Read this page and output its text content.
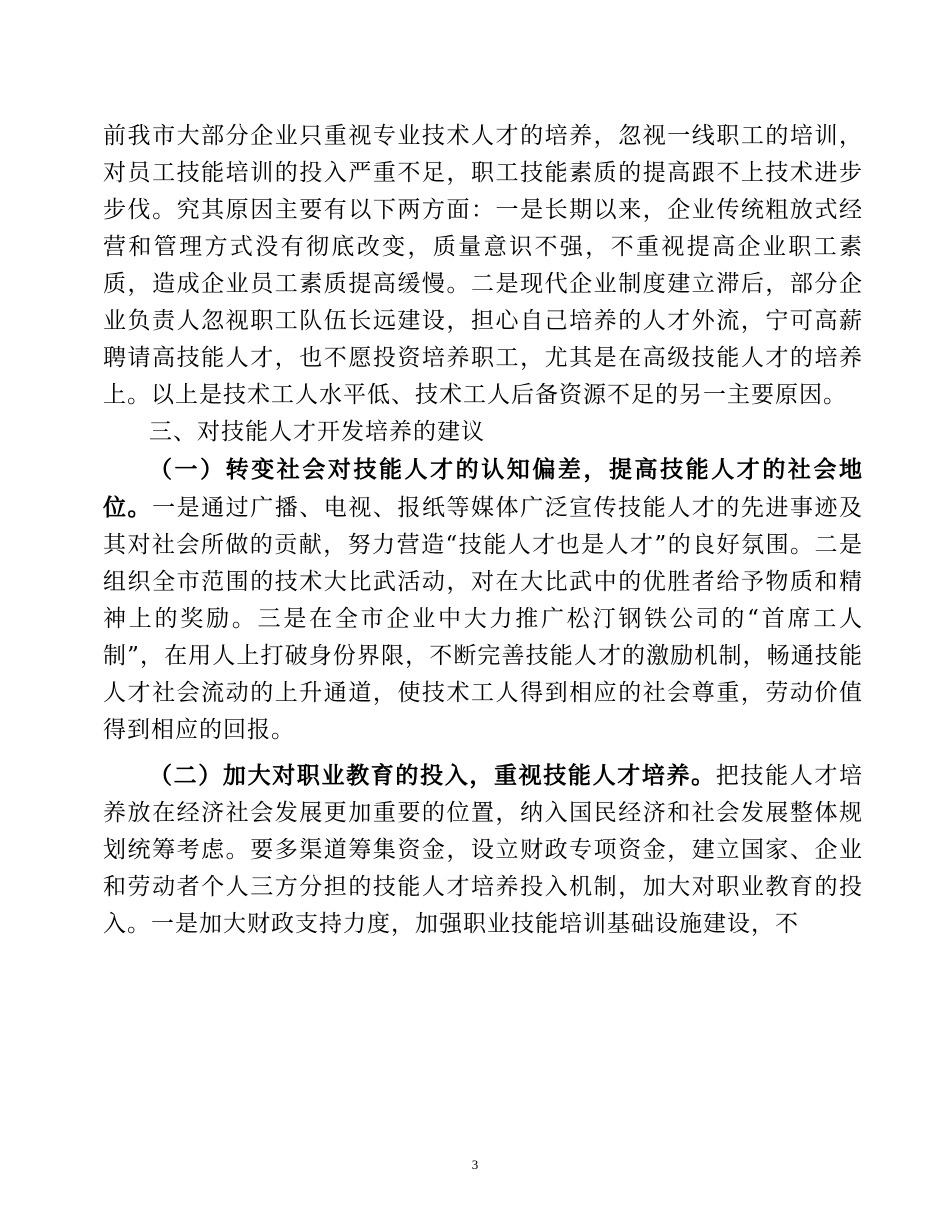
前我市大部分企业只重视专业技术人才的培养，忽视一线职工的培训，对员工技能培训的投入严重不足，职工技能素质的提高跟不上技术进步步伐。究其原因主要有以下两方面：一是长期以来，企业传统粗放式经营和管理方式没有彻底改变，质量意识不强，不重视提高企业职工素质，造成企业员工素质提高缓慢。二是现代企业制度建立滞后，部分企业负责人忽视职工队伍长远建设，担心自己培养的人才外流，宁可高薪聘请高技能人才，也不愿投资培养职工，尤其是在高级技能人才的培养上。以上是技术工人水平低、技术工人后备资源不足的另一主要原因。

三、对技能人才开发培养的建议

（一）转变社会对技能人才的认知偏差，提高技能人才的社会地位。一是通过广播、电视、报纸等媒体广泛宣传技能人才的先进事迹及其对社会所做的贡献，努力营造“技能人才也是人才”的良好氛围。二是组织全市范围的技术大比武活动，对在大比武中的优胜者给予物质和精神上的奖励。三是在全市企业中大力推广松汀钢铁公司的“首席工人制”，在用人上打破身份界限，不断完善技能人才的激励机制，畅通技能人才社会流动的上升通道，使技术工人得到相应的社会尊重，劳动价值得到相应的回报。

（二）加大对职业教育的投入，重视技能人才培养。把技能人才培养放在经济社会发展更加重要的位置，纳入国民经济和社会发展整体规划统筹考虑。要多渠道筹集资金，设立财政专项资金，建立国家、企业和劳动者个人三方分担的技能人才培养投入机制，加大对职业教育的投入。一是加大财政支持力度，加强职业技能培训基础设施建设，不

3
